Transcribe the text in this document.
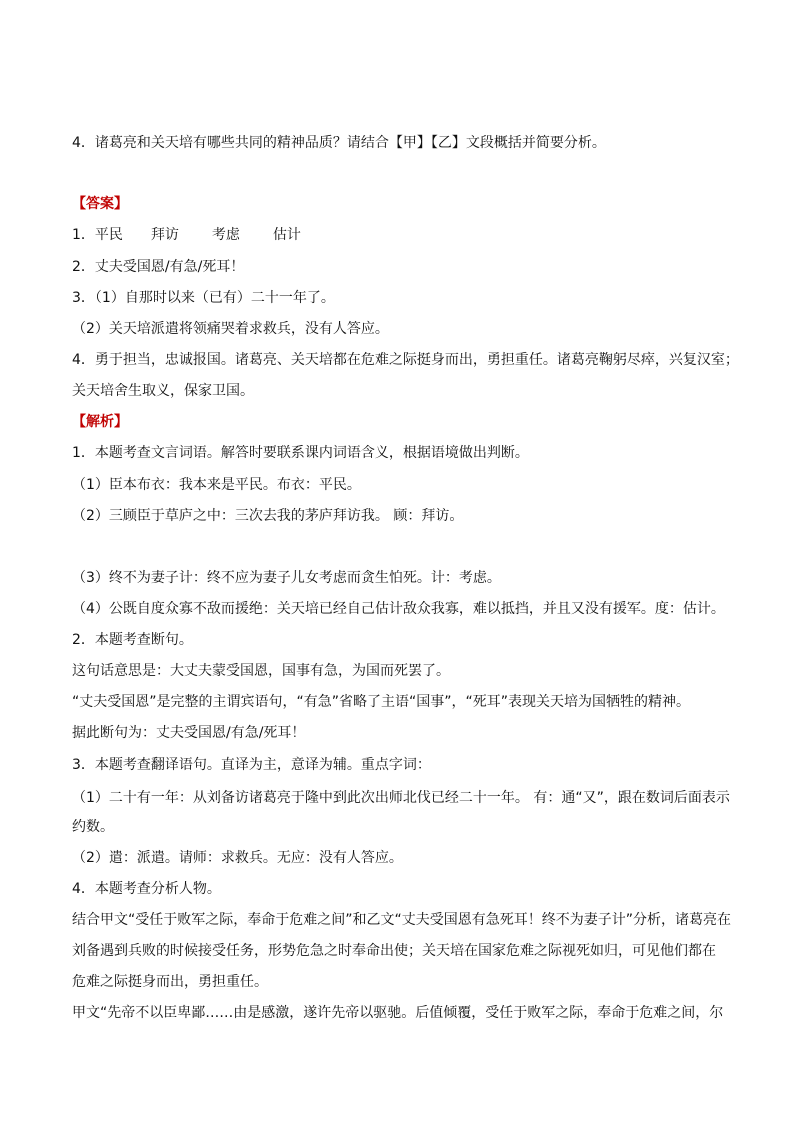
4．诸葛亮和关天培有哪些共同的精神品质？请结合【甲】【乙】文段概括并简要分析。
【答案】
1．平民 拜访 考虑 估计
2．丈夫受国恩/有急/死耳！
3．（1）自那时以来（已有）二十一年了。
（2）关天培派遣将领痛哭着求救兵，没有人答应。
4．勇于担当，忠诚报国。诸葛亮、关天培都在危难之际挺身而出，勇担重任。诸葛亮鞠躬尽瘁，兴复汉室；
关天培舍生取义，保家卫国。
【解析】
1．本题考查文言词语。解答时要联系课内词语含义，根据语境做出判断。
（1）臣本布衣：我本来是平民。布衣：平民。
（2）三顾臣于草庐之中：三次去我的茅庐拜访我。 顾：拜访。
（3）终不为妻子计：终不应为妻子儿女考虑而贪生怕死。计：考虑。
（4）公既自度众寡不敌而援绝：关天培已经自己估计敌众我寡，难以抵挡，并且又没有援军。度：估计。
2．本题考查断句。
这句话意思是：大丈夫蒙受国恩，国事有急，为国而死罢了。
“丈夫受国恩”是完整的主谓宾语句，“有急”省略了主语“国事”，“死耳”表现关天培为国牺牲的精神。
据此断句为：丈夫受国恩/有急/死耳！
3．本题考查翻译语句。直译为主，意译为辅。重点字词：
（1）二十有一年：从刘备访诸葛亮于隆中到此次出师北伐已经二十一年。 有：通“又”，跟在数词后面表示
约数。
（2）遣：派遣。请师：求救兵。无应：没有人答应。
4．本题考查分析人物。
结合甲文“受任于败军之际，奉命于危难之间”和乙文“丈夫受国恩有急死耳！终不为妻子计”分析，诸葛亮在
刘备遇到兵败的时候接受任务，形势危急之时奉命出使；关天培在国家危难之际视死如归，可见他们都在
危难之际挺身而出，勇担重任。
甲文“先帝不以臣卑鄙……由是感激，遂许先帝以驱驰。后值倾覆，受任于败军之际，奉命于危难之间，尔
